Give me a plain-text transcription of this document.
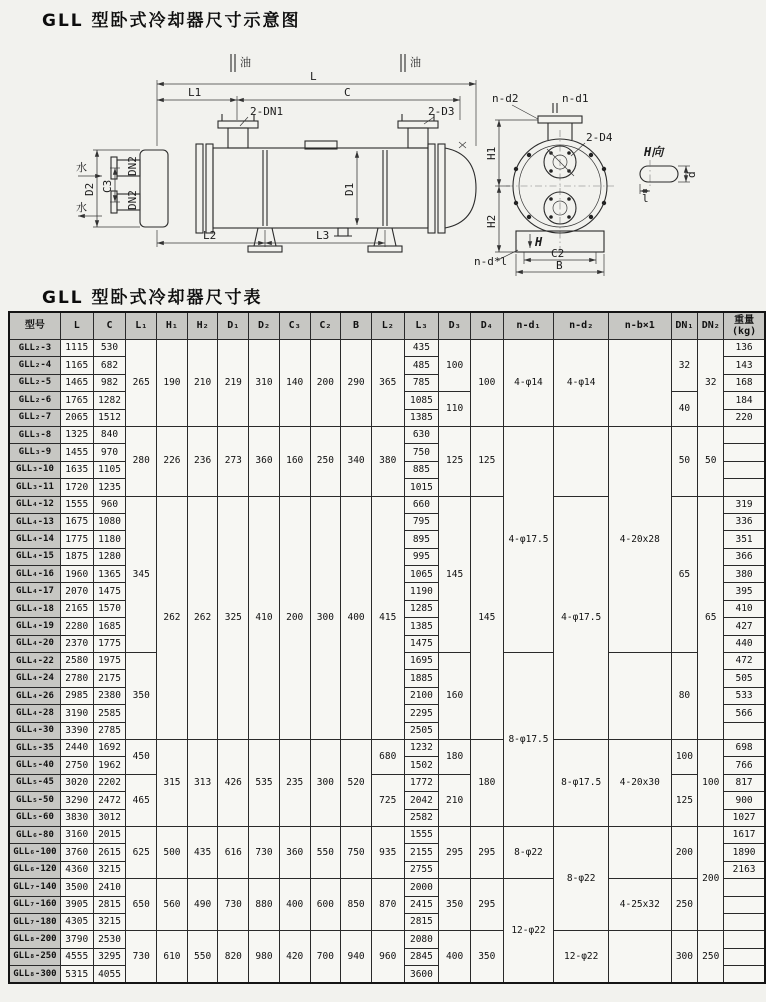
GLL 型卧式冷却器尺寸示意图
油	油
L
L1	C
2-DN1	2-D3
D2 C3
DN2
DN2
水
水
D1
L2	L3
n-d2	n-d1
2-D4
H1
H2
H
C2
B
n-d*l
H向
d
l
GLL 型卧式冷却器尺寸表
型号	L	C	L₁	H₁	H₂	D₁	D₂	C₃	C₂	B	L₂	L₃	D₃	D₄	n-d₁	n-d₂	n-b×1	DN₁	DN₂	重量
(kg)
GLL₂-3	1115	530	265	190	210	219	310	140	200	290	365	435	100	100	4-φ14	4-φ14		32	32	136
GLL₂-4	1165	682										485								143
GLL₂-5	1465	982										785								168
GLL₂-6	1765	1282										1085	110					40		184
GLL₂-7	2065	1512										1385								220
GLL₃-8	1325	840	280	226	236	273	360	160	250	340	380	630	125	125	4-φ17.5		4-20x28	50	50	
GLL₃-9	1455	970										750								
GLL₃-10	1635	1105										885								
GLL₃-11	1720	1235										1015								
GLL₄-12	1555	960	345	262	262	325	410	200	300	400	415	660	145	145		4-φ17.5		65	65	319
GLL₄-13	1675	1080										795								336
GLL₄-14	1775	1180										895								351
GLL₄-15	1875	1280										995								366
GLL₄-16	1960	1365										1065								380
GLL₄-17	2070	1475										1190								395
GLL₄-18	2165	1570										1285								410
GLL₄-19	2280	1685										1385								427
GLL₄-20	2370	1775										1475								440
GLL₄-22	2580	1975	350									1695	160		8-φ17.5			80		472
GLL₄-24	2780	2175										1885								505
GLL₄-26	2985	2380										2100								533
GLL₄-28	3190	2585										2295								566
GLL₄-30	3390	2785										2505								
GLL₅-35	2440	1692	450	315	313	426	535	235	300	520	680	1232	180	180		8-φ17.5	4-20x30	100	100	698
GLL₅-40	2750	1962										1502								766
GLL₅-45	3020	2202	465								725	1772	210					125		817
GLL₅-50	3290	2472										2042								900
GLL₅-60	3830	3012										2582								1027
GLL₆-80	3160	2015	625	500	435	616	730	360	550	750	935	1555	295	295	8-φ22	8-φ22		200	200	1617
GLL₆-100	3760	2615										2155								1890
GLL₆-120	4360	3215										2755								2163
GLL₇-140	3500	2410	650	560	490	730	880	400	600	850	870	2000	350	295	12-φ22		4-25x32	250		
GLL₇-160	3905	2815										2415								
GLL₇-180	4305	3215										2815								
GLL₈-200	3790	2530	730	610	550	820	980	420	700	940	960	2080	400	350		12-φ22		300	250	
GLL₈-250	4555	3295										2845								
GLL₈-300	5315	4055										3600								
